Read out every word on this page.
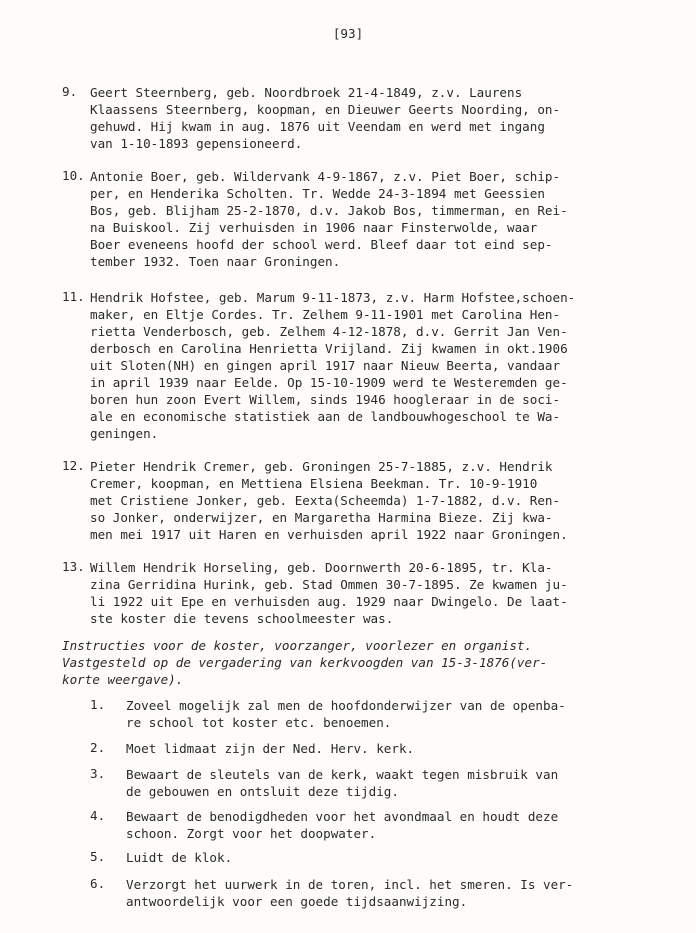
[93]
9. Geert Steernberg, geb. Noordbroek 21-4-1849, z.v. Laurens
Klaassens Steernberg, koopman, en Dieuwer Geerts Noording, on-
gehuwd. Hij kwam in aug. 1876 uit Veendam en werd met ingang
van 1-10-1893 gepensioneerd.
10. Antonie Boer, geb. Wildervank 4-9-1867, z.v. Piet Boer, schip-
per, en Henderika Scholten. Tr. Wedde 24-3-1894 met Geessien
Bos, geb. Blijham 25-2-1870, d.v. Jakob Bos, timmerman, en Rei-
na Buiskool. Zij verhuisden in 1906 naar Finsterwolde, waar
Boer eveneens hoofd der school werd. Bleef daar tot eind sep-
tember 1932. Toen naar Groningen.
11. Hendrik Hofstee, geb. Marum 9-11-1873, z.v. Harm Hofstee,schoen-
maker, en Eltje Cordes. Tr. Zelhem 9-11-1901 met Carolina Hen-
rietta Venderbosch, geb. Zelhem 4-12-1878, d.v. Gerrit Jan Ven-
derbosch en Carolina Henrietta Vrijland. Zij kwamen in okt.1906
uit Sloten(NH) en gingen april 1917 naar Nieuw Beerta, vandaar
in april 1939 naar Eelde. Op 15-10-1909 werd te Westeremden ge-
boren hun zoon Evert Willem, sinds 1946 hoogleraar in de soci-
ale en economische statistiek aan de landbouwhogeschool te Wa-
geningen.
12. Pieter Hendrik Cremer, geb. Groningen 25-7-1885, z.v. Hendrik
Cremer, koopman, en Mettiena Elsiena Beekman. Tr. 10-9-1910
met Cristiene Jonker, geb. Eexta(Scheemda) 1-7-1882, d.v. Ren-
so Jonker, onderwijzer, en Margaretha Harmina Bieze. Zij kwa-
men mei 1917 uit Haren en verhuisden april 1922 naar Groningen.
13. Willem Hendrik Horseling, geb. Doornwerth 20-6-1895, tr. Kla-
zina Gerridina Hurink, geb. Stad Ommen 30-7-1895. Ze kwamen ju-
li 1922 uit Epe en verhuisden aug. 1929 naar Dwingelo. De laat-
ste koster die tevens schoolmeester was.
Instructies voor de koster, voorzanger, voorlezer en organist.
Vastgesteld op de vergadering van kerkvoogden van 15-3-1876(ver-
korte weergave).
1. Zoveel mogelijk zal men de hoofdonderwijzer van de openba-
re school tot koster etc. benoemen.
2. Moet lidmaat zijn der Ned. Herv. kerk.
3. Bewaart de sleutels van de kerk, waakt tegen misbruik van
de gebouwen en ontsluit deze tijdig.
4. Bewaart de benodigdheden voor het avondmaal en houdt deze
schoon. Zorgt voor het doopwater.
5. Luidt de klok.
6. Verzorgt het uurwerk in de toren, incl. het smeren. Is ver-
antwoordelijk voor een goede tijdsaanwijzing.
